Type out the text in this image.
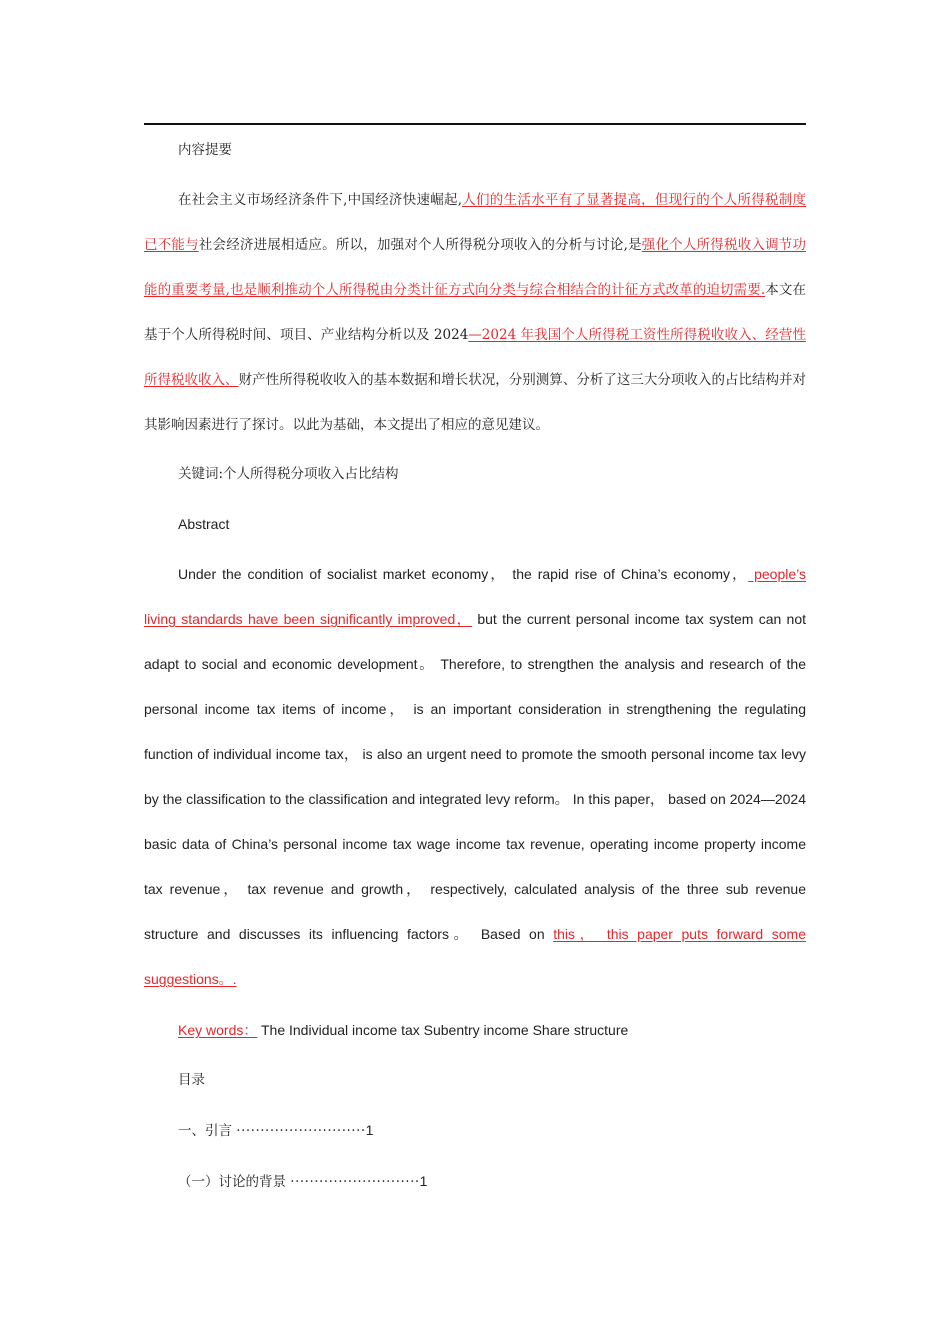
内容提要

在社会主义市场经济条件下,中国经济快速崛起,人们的生活水平有了显著提高，但现行的个人所得税制度已不能与社会经济进展相适应。所以，加强对个人所得税分项收入的分析与讨论,是强化个人所得税收入调节功能的重要考量,也是顺利推动个人所得税由分类计征方式向分类与综合相结合的计征方式改革的迫切需要.本文在基于个人所得税时间、项目、产业结构分析以及 2024—2024 年我国个人所得税工资性所得税收收入、经营性所得税收收入、财产性所得税收收入的基本数据和增长状况，分别测算、分析了这三大分项收入的占比结构并对其影响因素进行了探讨。以此为基础，本文提出了相应的意见建议。

关键词:个人所得税分项收入占比结构
Abstract

Under the condition of socialist market economy， the rapid rise of China’s economy， people’s living standards have been significantly improved， but the current personal income tax system can not adapt to social and economic development。 Therefore, to strengthen the analysis and research of the personal income tax items of income， is an important consideration in strengthening the regulating function of individual income tax， is also an urgent need to promote the smooth personal income tax levy by the classification to the classification and integrated levy reform。 In this paper， based on 2024—2024 basic data of China’s personal income tax wage income tax revenue, operating income property income tax revenue， tax revenue and growth， respectively, calculated analysis of the three sub revenue structure and discusses its influencing factors。 Based on this， this paper puts forward some suggestions。.

Key words： The Individual income tax Subentry income Share structure
目录
一、引言 ···························1
（一）讨论的背景 ···························1
